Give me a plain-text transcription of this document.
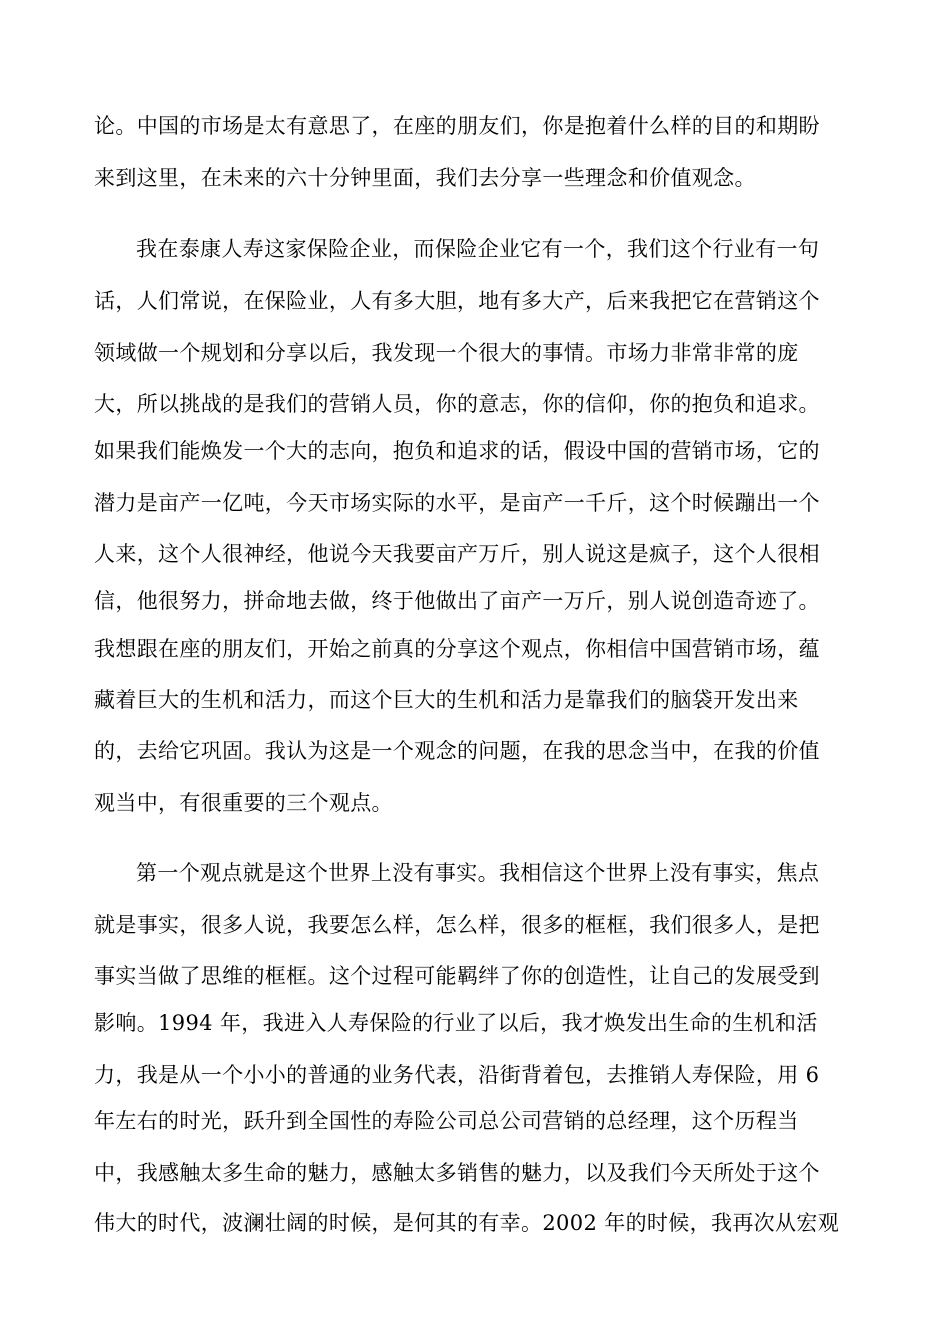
论。中国的市场是太有意思了，在座的朋友们，你是抱着什么样的目的和期盼
来到这里，在未来的六十分钟里面，我们去分享一些理念和价值观念。
我在泰康人寿这家保险企业，而保险企业它有一个，我们这个行业有一句
话，人们常说，在保险业，人有多大胆，地有多大产，后来我把它在营销这个
领域做一个规划和分享以后，我发现一个很大的事情。市场力非常非常的庞
大，所以挑战的是我们的营销人员，你的意志，你的信仰，你的抱负和追求。
如果我们能焕发一个大的志向，抱负和追求的话，假设中国的营销市场，它的
潜力是亩产一亿吨，今天市场实际的水平，是亩产一千斤，这个时候蹦出一个
人来，这个人很神经，他说今天我要亩产万斤，别人说这是疯子，这个人很相
信，他很努力，拼命地去做，终于他做出了亩产一万斤，别人说创造奇迹了。
我想跟在座的朋友们，开始之前真的分享这个观点，你相信中国营销市场，蕴
藏着巨大的生机和活力，而这个巨大的生机和活力是靠我们的脑袋开发出来
的，去给它巩固。我认为这是一个观念的问题，在我的思念当中，在我的价值
观当中，有很重要的三个观点。
第一个观点就是这个世界上没有事实。我相信这个世界上没有事实，焦点
就是事实，很多人说，我要怎么样，怎么样，很多的框框，我们很多人，是把
事实当做了思维的框框。这个过程可能羁绊了你的创造性，让自己的发展受到
影响。1994 年，我进入人寿保险的行业了以后，我才焕发出生命的生机和活
力，我是从一个小小的普通的业务代表，沿街背着包，去推销人寿保险，用 6
年左右的时光，跃升到全国性的寿险公司总公司营销的总经理，这个历程当
中，我感触太多生命的魅力，感触太多销售的魅力，以及我们今天所处于这个
伟大的时代，波澜壮阔的时候，是何其的有幸。2002 年的时候，我再次从宏观
